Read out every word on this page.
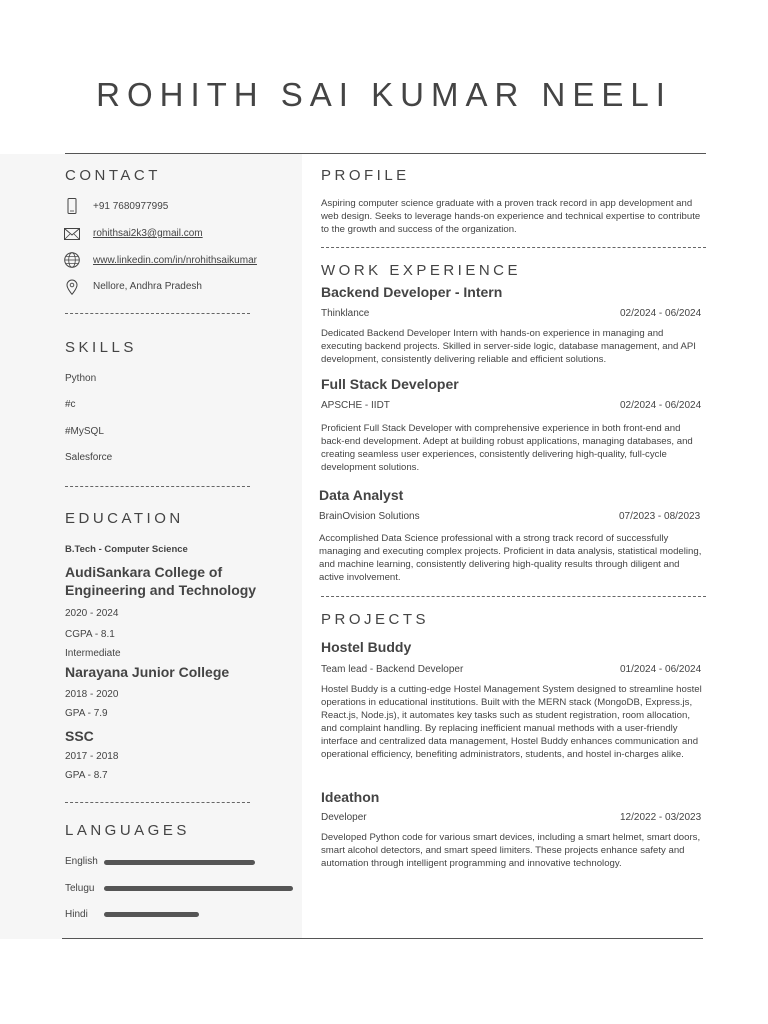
ROHITH SAI KUMAR NEELI
CONTACT
+91 7680977995
rohithsai2k3@gmail.com
www.linkedin.com/in/nrohithsaikumar
Nellore, Andhra Pradesh
SKILLS
Python
#c
#MySQL
Salesforce
EDUCATION
B.Tech - Computer Science
AudiSankara College of Engineering and Technology
2020 - 2024
CGPA - 8.1
Intermediate
Narayana Junior College
2018 - 2020
GPA - 7.9
SSC
2017 - 2018
GPA - 8.7
LANGUAGES
English
Telugu
Hindi
PROFILE
Aspiring computer science graduate with a proven track record in app development and web design. Seeks to leverage hands-on experience and technical expertise to contribute to the growth and success of the organization.
WORK EXPERIENCE
Backend Developer - Intern
Thinklance	02/2024 - 06/2024
Dedicated Backend Developer Intern with hands-on experience in managing and executing backend projects. Skilled in server-side logic, database management, and API development, consistently delivering reliable and efficient solutions.
Full Stack Developer
APSCHE - IIDT	02/2024 - 06/2024
Proficient Full Stack Developer with comprehensive experience in both front-end and back-end development. Adept at building robust applications, managing databases, and creating seamless user experiences, consistently delivering high-quality, full-cycle development solutions.
Data Analyst
BrainOvision Solutions	07/2023 - 08/2023
Accomplished Data Science professional with a strong track record of successfully managing and executing complex projects. Proficient in data analysis, statistical modeling, and machine learning, consistently delivering high-quality results through diligent and active involvement.
PROJECTS
Hostel Buddy
Team lead - Backend Developer	01/2024 - 06/2024
Hostel Buddy is a cutting-edge Hostel Management System designed to streamline hostel operations in educational institutions. Built with the MERN stack (MongoDB, Express.js, React.js, Node.js), it automates key tasks such as student registration, room allocation, and complaint handling. By replacing inefficient manual methods with a user-friendly interface and centralized data management, Hostel Buddy enhances communication and operational efficiency, benefiting administrators, students, and hostel in-charges alike.
Ideathon
Developer	12/2022 - 03/2023
Developed Python code for various smart devices, including a smart helmet, smart doors, smart alcohol detectors, and smart speed limiters. These projects enhance safety and automation through intelligent programming and innovative technology.
